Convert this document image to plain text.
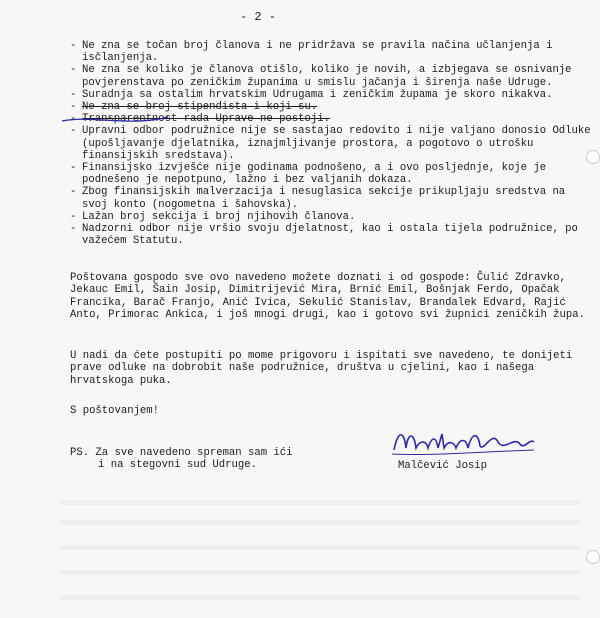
- 2 -
- Ne zna se točan broj članova i ne pridržava se pravila načina učlanjenja i isčlanjenja.
- Ne zna se koliko je članova otišlo, koliko je novih, a izbjegava se osnivanje povjerenstava po zeničkim županima u smislu jačanja i širenja naše Udruge.
- Suradnja sa ostalim hrvatskim Udrugama i zeničkim župama je skoro nikakva.
- Ne zna se broj stipendista i koji su.
- Transparentnost rada Uprave ne postoji.
- Upravni odbor podružnice nije se sastajao redovito i nije valjano donosio Odluke (upošljavanje djelatnika, iznajmljivanje prostora, a pogotovo o utrošku finansijskih sredstava).
- Finansijsko izvješće nije godinama podnošeno, a i ovo posljednje, koje je podnešeno je nepotpuno, lažno i bez valjanih dokaza.
- Zbog finansijskih malverzacija i nesuglasica sekcije prikupljaju sredstva na svoj konto (nogometna i šahovska).
- Lažan broj sekcija i broj njihovih članova.
- Nadzorni odbor nije vršio svoju djelatnost, kao i ostala tijela podružnice, po važećem Statutu.

Poštovana gospodo sve ovo navedeno možete doznati i od gospode: Čulić Zdravko, Jekauc Emil, Šain Josip, Dimitrijević Mira, Brnić Emil, Bošnjak Ferdo, Opačak Francika, Barač Franjo, Anić Ivica, Sekulić Stanislav, Brandalek Edvard, Rajić Anto, Primorac Ankica, i još mnogi drugi, kao i gotovo svi župnici zeničkih župa.

U nadi da ćete postupiti po mome prigovoru i ispitati sve navedeno, te donijeti prave odluke na dobrobit naše podružnice, društva u cjelini, kao i našega hrvatskoga puka.

S poštovanjem!

PS. Za sve navedeno spreman sam ići
i na stegovni sud Udruge.	Malčević Josip
